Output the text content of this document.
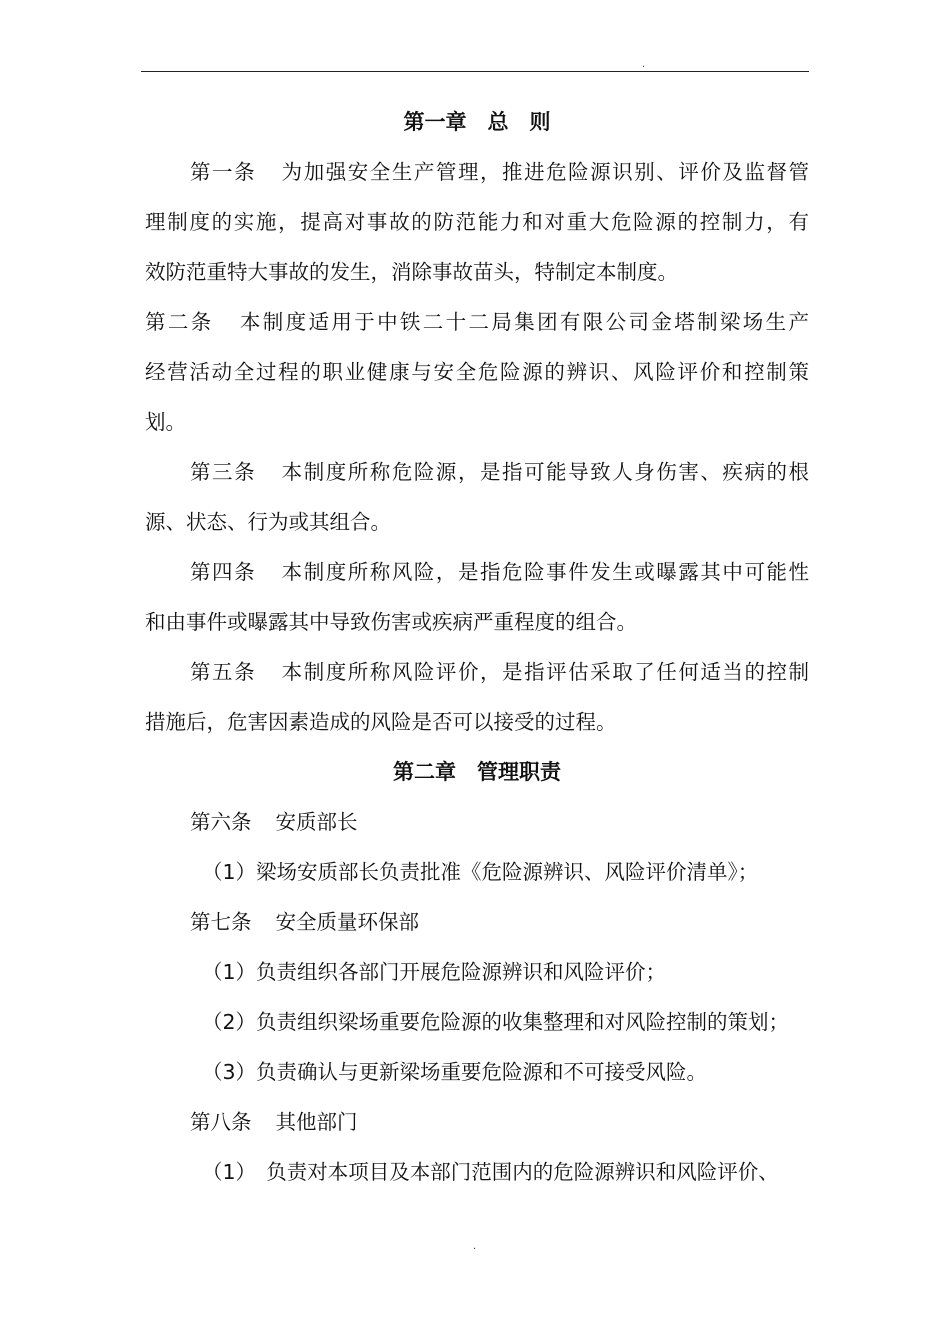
.
第一章　总　则
第一条 为加强安全生产管理，推进危险源识别、评价及监督管
理制度的实施，提高对事故的防范能力和对重大危险源的控制力，有
效防范重特大事故的发生，消除事故苗头，特制定本制度。
第二条 本制度适用于中铁二十二局集团有限公司金塔制梁场生产
经营活动全过程的职业健康与安全危险源的辨识、风险评价和控制策
划。
第三条 本制度所称危险源，是指可能导致人身伤害、疾病的根
源、状态、行为或其组合。
第四条 本制度所称风险，是指危险事件发生或曝露其中可能性
和由事件或曝露其中导致伤害或疾病严重程度的组合。
第五条 本制度所称风险评价，是指评估采取了任何适当的控制
措施后，危害因素造成的风险是否可以接受的过程。
第二章　管理职责
第六条 安质部长
（1）梁场安质部长负责批准《危险源辨识、风险评价清单》；
第七条 安全质量环保部
（1）负责组织各部门开展危险源辨识和风险评价；
（2）负责组织梁场重要危险源的收集整理和对风险控制的策划；
（3）负责确认与更新梁场重要危险源和不可接受风险。
第八条 其他部门
（1）　负责对本项目及本部门范围内的危险源辨识和风险评价、
.
